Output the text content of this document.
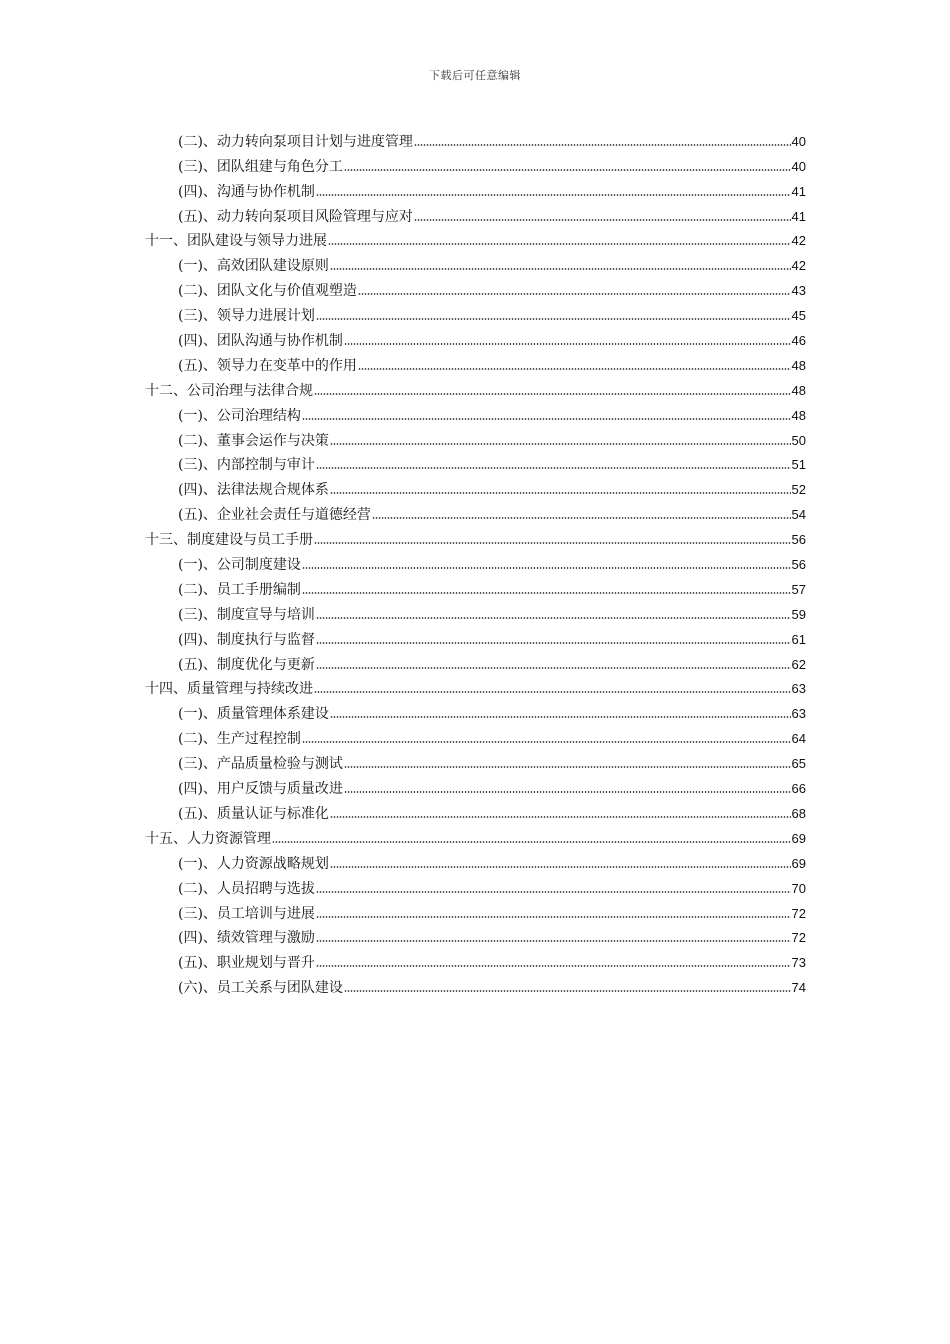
下载后可任意编辑
(二)、动力转向泵项目计划与进度管理	40
(三)、团队组建与角色分工	40
(四)、沟通与协作机制	41
(五)、动力转向泵项目风险管理与应对	41
十一、团队建设与领导力进展	42
(一)、高效团队建设原则	42
(二)、团队文化与价值观塑造	43
(三)、领导力进展计划	45
(四)、团队沟通与协作机制	46
(五)、领导力在变革中的作用	48
十二、公司治理与法律合规	48
(一)、公司治理结构	48
(二)、董事会运作与决策	50
(三)、内部控制与审计	51
(四)、法律法规合规体系	52
(五)、企业社会责任与道德经营	54
十三、制度建设与员工手册	56
(一)、公司制度建设	56
(二)、员工手册编制	57
(三)、制度宣导与培训	59
(四)、制度执行与监督	61
(五)、制度优化与更新	62
十四、质量管理与持续改进	63
(一)、质量管理体系建设	63
(二)、生产过程控制	64
(三)、产品质量检验与测试	65
(四)、用户反馈与质量改进	66
(五)、质量认证与标准化	68
十五、人力资源管理	69
(一)、人力资源战略规划	69
(二)、人员招聘与选拔	70
(三)、员工培训与进展	72
(四)、绩效管理与激励	72
(五)、职业规划与晋升	73
(六)、员工关系与团队建设	74
